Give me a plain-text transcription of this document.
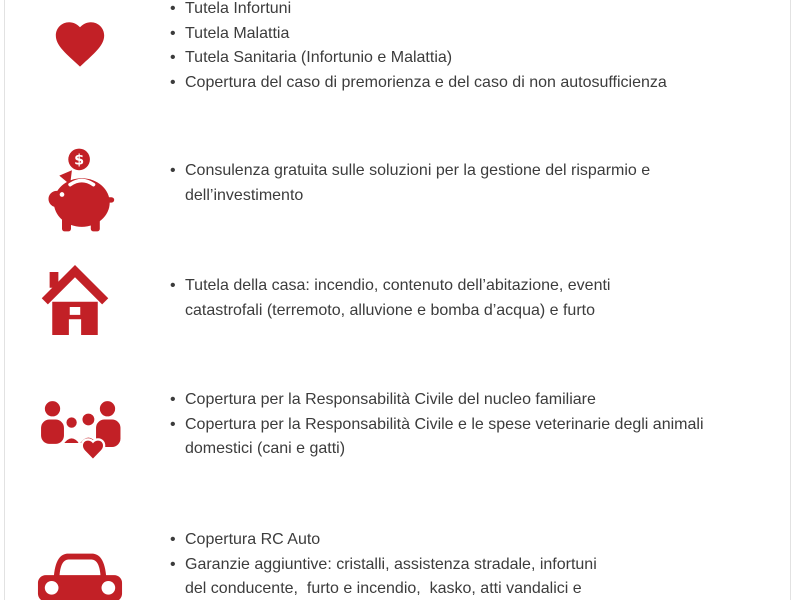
• Tutela Infortuni
• Tutela Malattia
• Tutela Sanitaria (Infortunio e Malattia)
• Copertura del caso di premorienza e del caso di non autosufficienza
$
• Consulenza gratuita sulle soluzioni per la gestione del risparmio e dell’investimento
• Tutela della casa: incendio, contenuto dell’abitazione, eventi catastrofali (terremoto, alluvione e bomba d’acqua) e furto
• Copertura per la Responsabilità Civile del nucleo familiare
• Copertura per la Responsabilità Civile e le spese veterinarie degli animali domestici (cani e gatti)
• Copertura RC Auto
• Garanzie aggiuntive: cristalli, assistenza stradale, infortuni del conducente,  furto e incendio,  kasko, atti vandalici e
